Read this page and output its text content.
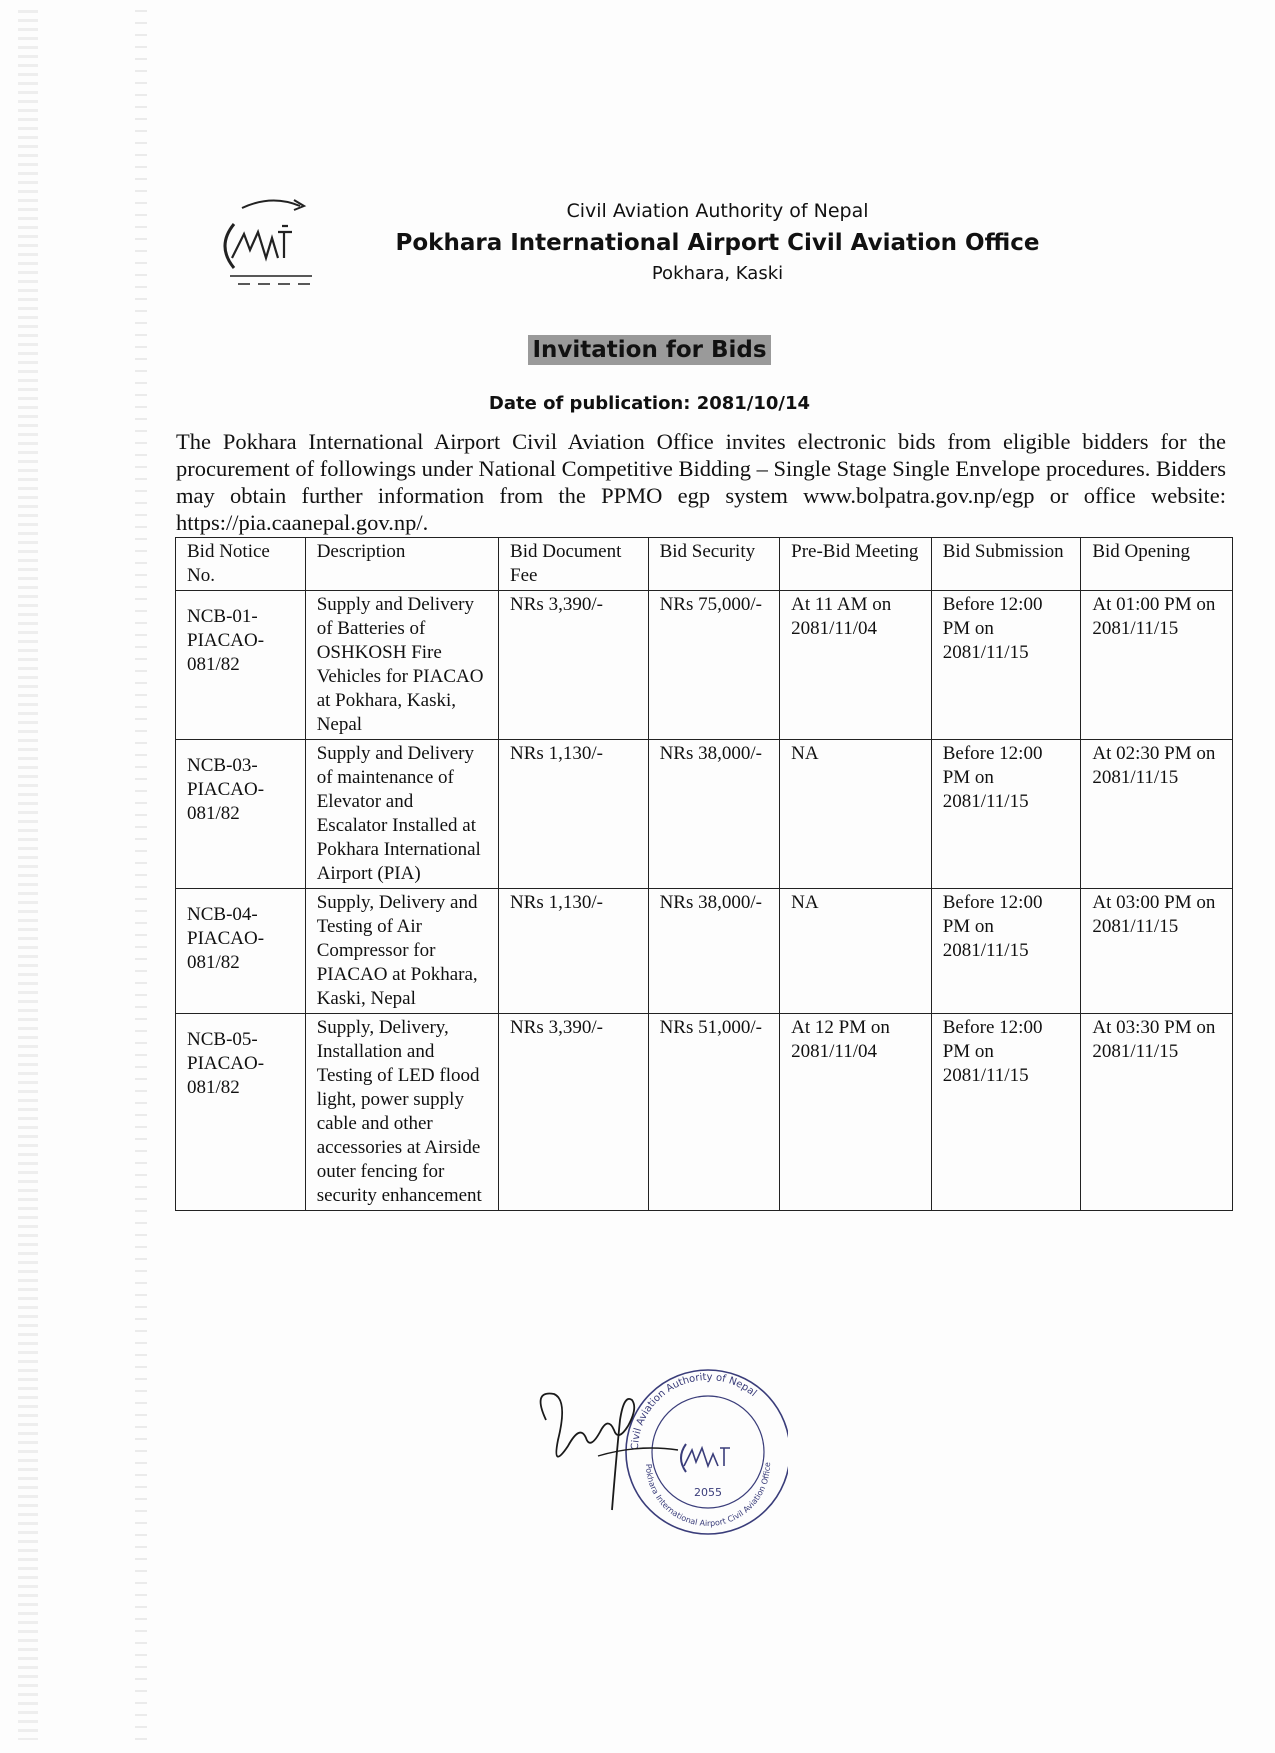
Civil Aviation Authority of Nepal
Pokhara International Airport Civil Aviation Office
Pokhara, Kaski
Invitation for Bids
Date of publication: 2081/10/14

The Pokhara International Airport Civil Aviation Office invites electronic bids from eligible bidders for the procurement of followings under National Competitive Bidding – Single Stage Single Envelope procedures. Bidders may obtain further information from the PPMO egp system www.bolpatra.gov.np/egp or office website: https://pia.caanepal.gov.np/.

Bid Notice No.	Description	Bid Document Fee	Bid Security	Pre-Bid Meeting	Bid Submission	Bid Opening
NCB-01-PIACAO-081/82	Supply and Delivery of Batteries of OSHKOSH Fire Vehicles for PIACAO at Pokhara, Kaski, Nepal	NRs 3,390/-	NRs 75,000/-	At 11 AM on 2081/11/04	Before 12:00 PM on 2081/11/15	At 01:00 PM on 2081/11/15
NCB-03-PIACAO-081/82	Supply and Delivery of maintenance of Elevator and Escalator Installed at Pokhara International Airport (PIA)	NRs 1,130/-	NRs 38,000/-	NA	Before 12:00 PM on 2081/11/15	At 02:30 PM on 2081/11/15
NCB-04-PIACAO-081/82	Supply, Delivery and Testing of Air Compressor for PIACAO at Pokhara, Kaski, Nepal	NRs 1,130/-	NRs 38,000/-	NA	Before 12:00 PM on 2081/11/15	At 03:00 PM on 2081/11/15
NCB-05-PIACAO-081/82	Supply, Delivery, Installation and Testing of LED flood light, power supply cable and other accessories at Airside outer fencing for security enhancement	NRs 3,390/-	NRs 51,000/-	At 12 PM on 2081/11/04	Before 12:00 PM on 2081/11/15	At 03:30 PM on 2081/11/15
Civil Aviation Authority of Nepal
Pokhara International Airport Civil Aviation Office
2055
